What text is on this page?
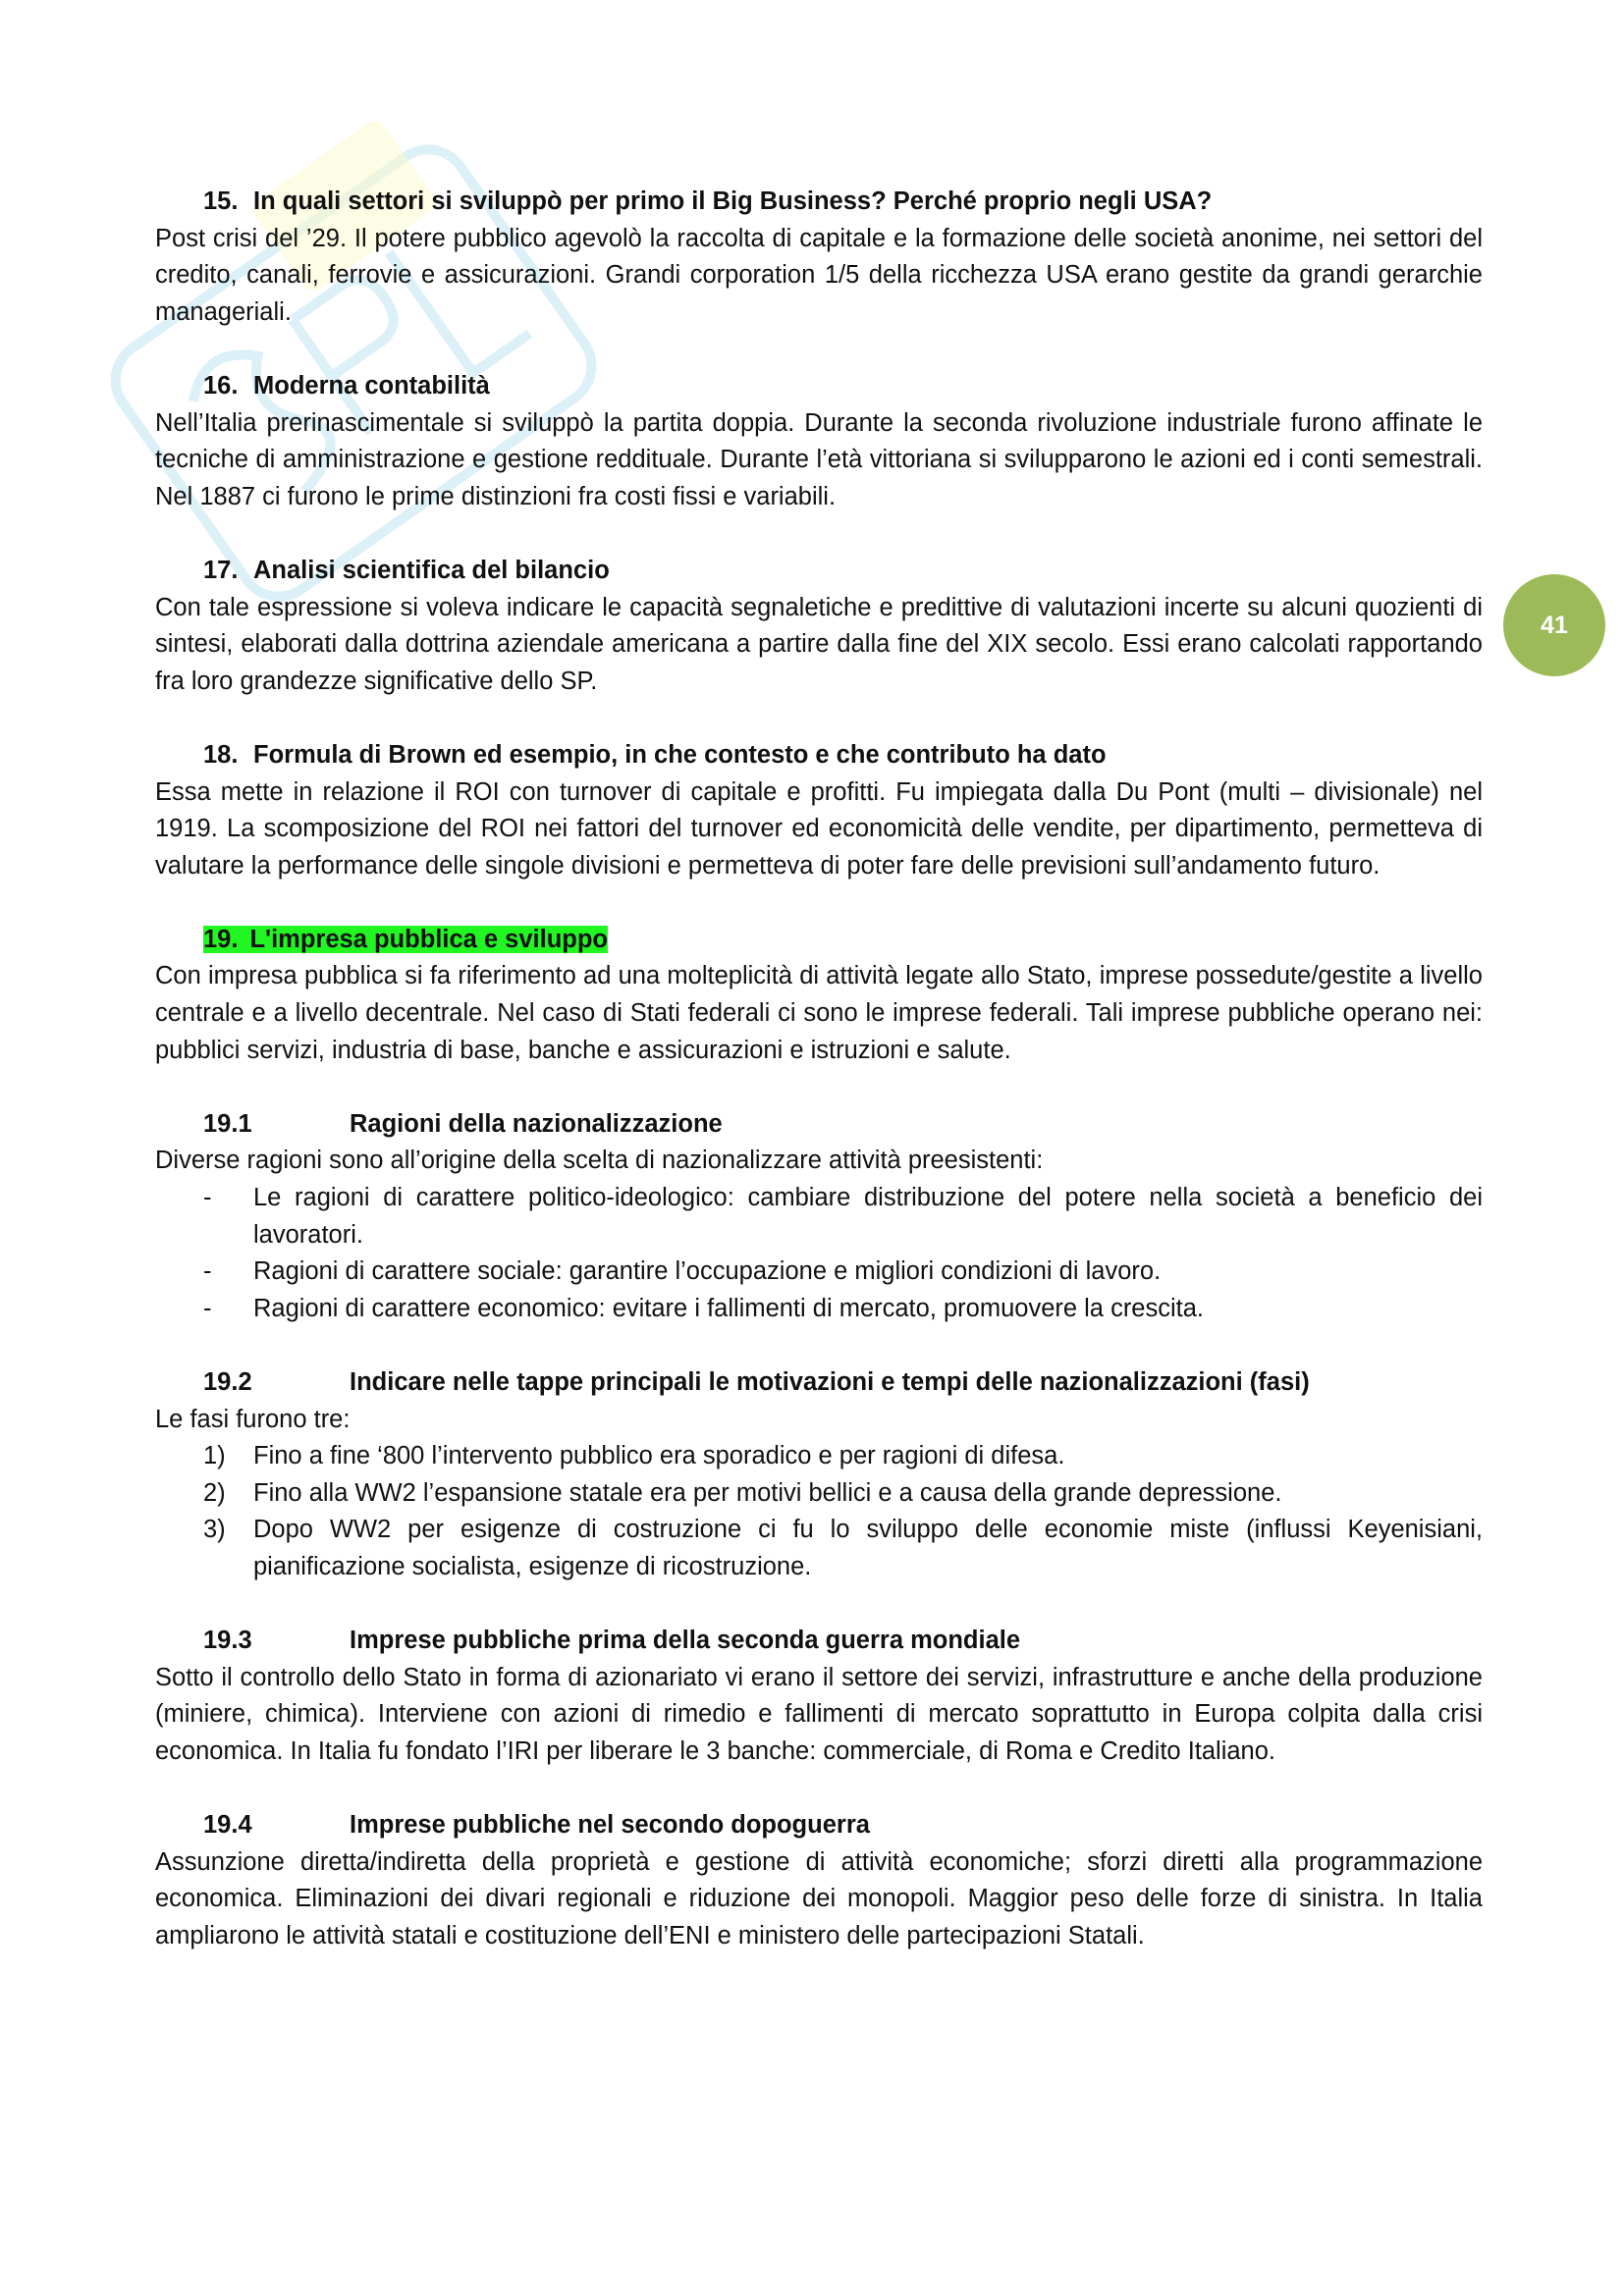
41
15. In quali settori si sviluppò per primo il Big Business? Perché proprio negli USA?

Post crisi del ’29. Il potere pubblico agevolò la raccolta di capitale e la formazione delle società anonime, nei settori del credito, canali, ferrovie e assicurazioni. Grandi corporation 1/5 della ricchezza USA erano gestite da grandi gerarchie manageriali.

16. Moderna contabilità

Nell’Italia prerinascimentale si sviluppò la partita doppia. Durante la seconda rivoluzione industriale furono affinate le tecniche di amministrazione e gestione reddituale. Durante l’età vittoriana si svilupparono le azioni ed i conti semestrali. Nel 1887 ci furono le prime distinzioni fra costi fissi e variabili.

17. Analisi scientifica del bilancio

Con tale espressione si voleva indicare le capacità segnaletiche e predittive di valutazioni incerte su alcuni quozienti di sintesi, elaborati dalla dottrina aziendale americana a partire dalla fine del XIX secolo. Essi erano calcolati rapportando fra loro grandezze significative dello SP.

18. Formula di Brown ed esempio, in che contesto e che contributo ha dato

Essa mette in relazione il ROI con turnover di capitale e profitti. Fu impiegata dalla Du Pont (multi – divisionale) nel 1919. La scomposizione del ROI nei fattori del turnover ed economicità delle vendite, per dipartimento, permetteva di valutare la performance delle singole divisioni e permetteva di poter fare delle previsioni sull’andamento futuro.

19. L'impresa pubblica e sviluppo

Con impresa pubblica si fa riferimento ad una molteplicità di attività legate allo Stato, imprese possedute/gestite a livello centrale e a livello decentrale. Nel caso di Stati federali ci sono le imprese federali. Tali imprese pubbliche operano nei: pubblici servizi, industria di base, banche e assicurazioni e istruzioni e salute.

19.1	Ragioni della nazionalizzazione

Diverse ragioni sono all’origine della scelta di nazionalizzare attività preesistenti:

- Le ragioni di carattere politico-ideologico: cambiare distribuzione del potere nella società a beneficio dei lavoratori.
- Ragioni di carattere sociale: garantire l’occupazione e migliori condizioni di lavoro.
- Ragioni di carattere economico: evitare i fallimenti di mercato, promuovere la crescita.
19.2	Indicare nelle tappe principali le motivazioni e tempi delle nazionalizzazioni (fasi)

Le fasi furono tre:

1) Fino a fine ‘800 l’intervento pubblico era sporadico e per ragioni di difesa.
2) Fino alla WW2 l’espansione statale era per motivi bellici e a causa della grande depressione.
3) Dopo WW2 per esigenze di costruzione ci fu lo sviluppo delle economie miste (influssi Keyenisiani, pianificazione socialista, esigenze di ricostruzione.
19.3	Imprese pubbliche prima della seconda guerra mondiale

Sotto il controllo dello Stato in forma di azionariato vi erano il settore dei servizi, infrastrutture e anche della produzione (miniere, chimica). Interviene con azioni di rimedio e fallimenti di mercato soprattutto in Europa colpita dalla crisi economica. In Italia fu fondato l’IRI per liberare le 3 banche: commerciale, di Roma e Credito Italiano.

19.4	Imprese pubbliche nel secondo dopoguerra

Assunzione diretta/indiretta della proprietà e gestione di attività economiche; sforzi diretti alla programmazione economica. Eliminazioni dei divari regionali e riduzione dei monopoli. Maggior peso delle forze di sinistra. In Italia ampliarono le attività statali e costituzione dell’ENI e ministero delle partecipazioni Statali.
